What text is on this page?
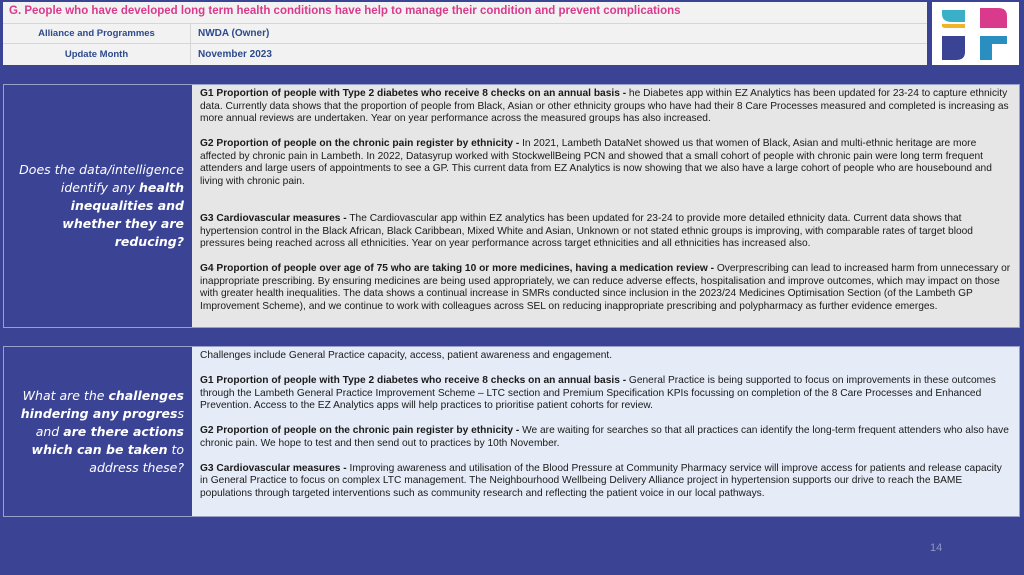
G. People who have developed long term health conditions have help to manage their condition and prevent complications
Alliance and Programmes	NWDA (Owner)
Update Month	November 2023
Does the data/intelligence identify any health inequalities and whether they are reducing?

G1 Proportion of people with Type 2 diabetes who receive 8 checks on an annual basis - he Diabetes app within EZ Analytics has been updated for 23-24 to capture ethnicity data. Currently data shows that the proportion of people from Black, Asian or other ethnicity groups who have had their 8 Care Processes measured and completed is increasing as more annual reviews are undertaken. Year on year performance across the measured groups has also increased.

G2 Proportion of people on the chronic pain register by ethnicity - In 2021, Lambeth DataNet showed us that women of Black, Asian and multi-ethnic heritage are more affected by chronic pain in Lambeth. In 2022, Datasyrup worked with StockwellBeing PCN and showed that a small cohort of people with chronic pain were long term frequent attenders and large users of appointments to see a GP. This current data from EZ Analytics is now showing that we also have a large cohort of people who are housebound and living with chronic pain.

G3 Cardiovascular measures - The Cardiovascular app within EZ analytics has been updated for 23-24 to provide more detailed ethnicity data. Current data shows that hypertension control in the Black African, Black Caribbean, Mixed White and Asian, Unknown or not stated ethnic groups is improving, with comparable rates of target blood pressures being reached across all ethnicities. Year on year performance across target ethnicities and all ethnicities has increased also.

G4 Proportion of people over age of 75 who are taking 10 or more medicines, having a medication review - Overprescribing can lead to increased harm from unnecessary or inappropriate prescribing. By ensuring medicines are being used appropriately, we can reduce adverse effects, hospitalisation and improve outcomes, which may impact on those with greater health inequalities. The data shows a continual increase in SMRs conducted since inclusion in the 2023/24 Medicines Optimisation Section (of the Lambeth GP Improvement Scheme), and we continue to work with colleagues across SEL on reducing inappropriate prescribing and polypharmacy as further evidence emerges.

What are the challenges hindering any progress and are there actions which can be taken to address these?

Challenges include General Practice capacity, access, patient awareness and engagement.

G1 Proportion of people with Type 2 diabetes who receive 8 checks on an annual basis - General Practice is being supported to focus on improvements in these outcomes through the Lambeth General Practice Improvement Scheme – LTC section and Premium Specification KPIs focussing on completion of the 8 Care Processes and Enhanced Prevention. Access to the EZ Analytics apps will help practices to prioritise patient cohorts for review.

G2 Proportion of people on the chronic pain register by ethnicity - We are waiting for searches so that all practices can identify the long-term frequent attenders who also have chronic pain. We hope to test and then send out to practices by 10th November.

G3 Cardiovascular measures - Improving awareness and utilisation of the Blood Pressure at Community Pharmacy service will improve access for patients and release capacity in General Practice to focus on complex LTC management. The Neighbourhood Wellbeing Delivery Alliance project in hypertension supports our drive to reach the BAME populations through targeted interventions such as community research and reflecting the patient voice in our local pathways.

14
